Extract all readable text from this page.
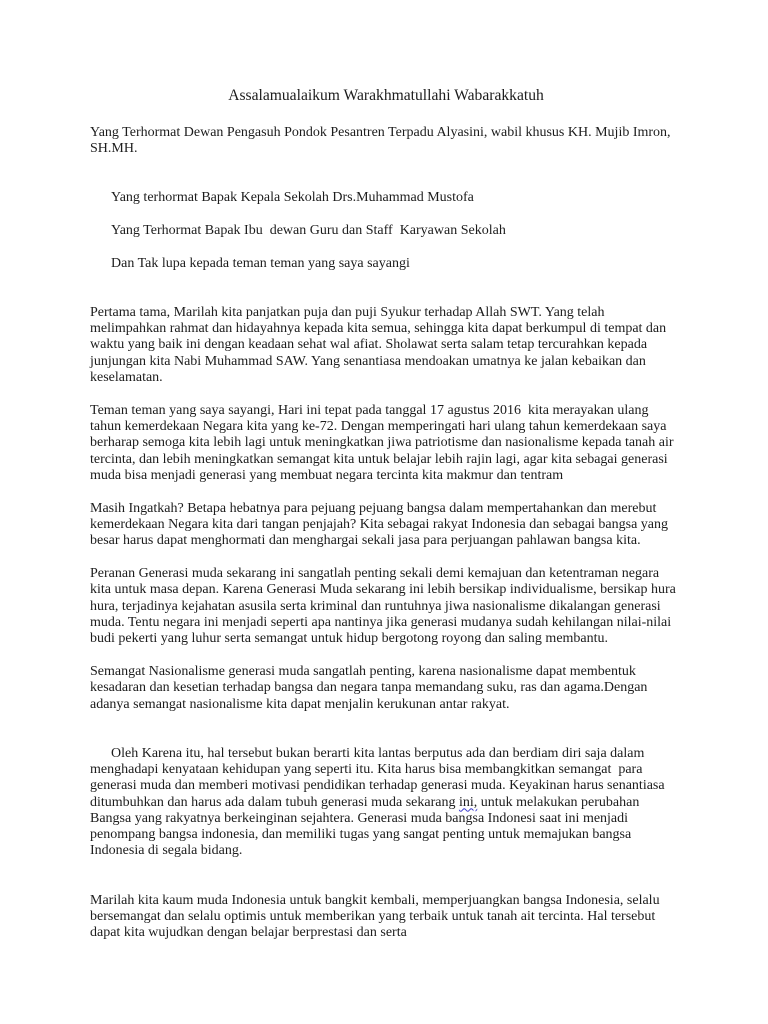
Assalamualaikum Warakhmatullahi Wabarakkatuh

Yang Terhormat Dewan Pengasuh Pondok Pesantren Terpadu Alyasini, wabil khusus KH. Mujib Imron, SH.MH.

Yang terhormat Bapak Kepala Sekolah Drs.Muhammad Mustofa

Yang Terhormat Bapak Ibu  dewan Guru dan Staff  Karyawan Sekolah

Dan Tak lupa kepada teman teman yang saya sayangi

Pertama tama, Marilah kita panjatkan puja dan puji Syukur terhadap Allah SWT. Yang telah melimpahkan rahmat dan hidayahnya kepada kita semua, sehingga kita dapat berkumpul di tempat dan waktu yang baik ini dengan keadaan sehat wal afiat. Sholawat serta salam tetap tercurahkan kepada junjungan kita Nabi Muhammad SAW. Yang senantiasa mendoakan umatnya ke jalan kebaikan dan keselamatan.

Teman teman yang saya sayangi, Hari ini tepat pada tanggal 17 agustus 2016  kita merayakan ulang tahun kemerdekaan Negara kita yang ke-72. Dengan memperingati hari ulang tahun kemerdekaan saya berharap semoga kita lebih lagi untuk meningkatkan jiwa patriotisme dan nasionalisme kepada tanah air tercinta, dan lebih meningkatkan semangat kita untuk belajar lebih rajin lagi, agar kita sebagai generasi muda bisa menjadi generasi yang membuat negara tercinta kita makmur dan tentram

Masih Ingatkah? Betapa hebatnya para pejuang pejuang bangsa dalam mempertahankan dan merebut  kemerdekaan Negara kita dari tangan penjajah? Kita sebagai rakyat Indonesia dan sebagai bangsa yang besar harus dapat menghormati dan menghargai sekali jasa para perjuangan pahlawan bangsa kita.

Peranan Generasi muda sekarang ini sangatlah penting sekali demi kemajuan dan ketentraman negara kita untuk masa depan. Karena Generasi Muda sekarang ini lebih bersikap individualisme, bersikap hura hura, terjadinya kejahatan asusila serta kriminal dan runtuhnya jiwa nasionalisme dikalangan generasi muda. Tentu negara ini menjadi seperti apa nantinya jika generasi mudanya sudah kehilangan nilai-nilai budi pekerti yang luhur serta semangat untuk hidup bergotong royong dan saling membantu.

Semangat Nasionalisme generasi muda sangatlah penting, karena nasionalisme dapat membentuk kesadaran dan kesetian terhadap bangsa dan negara tanpa memandang suku, ras dan agama.Dengan adanya semangat nasionalisme kita dapat menjalin kerukunan antar rakyat.

Oleh Karena itu, hal tersebut bukan berarti kita lantas berputus ada dan berdiam diri saja dalam menghadapi kenyataan kehidupan yang seperti itu. Kita harus bisa membangkitkan semangat  para generasi muda dan memberi motivasi pendidikan terhadap generasi muda. Keyakinan harus senantiasa ditumbuhkan dan harus ada dalam tubuh generasi muda sekarang ini, untuk melakukan perubahan Bangsa yang rakyatnya berkeinginan sejahtera. Generasi muda bangsa Indonesi saat ini menjadi penompang bangsa indonesia, dan memiliki tugas yang sangat penting untuk memajukan bangsa Indonesia di segala bidang.

Marilah kita kaum muda Indonesia untuk bangkit kembali, memperjuangkan bangsa Indonesia, selalu bersemangat dan selalu optimis untuk memberikan yang terbaik untuk tanah ait tercinta. Hal tersebut dapat kita wujudkan dengan belajar berprestasi dan serta
